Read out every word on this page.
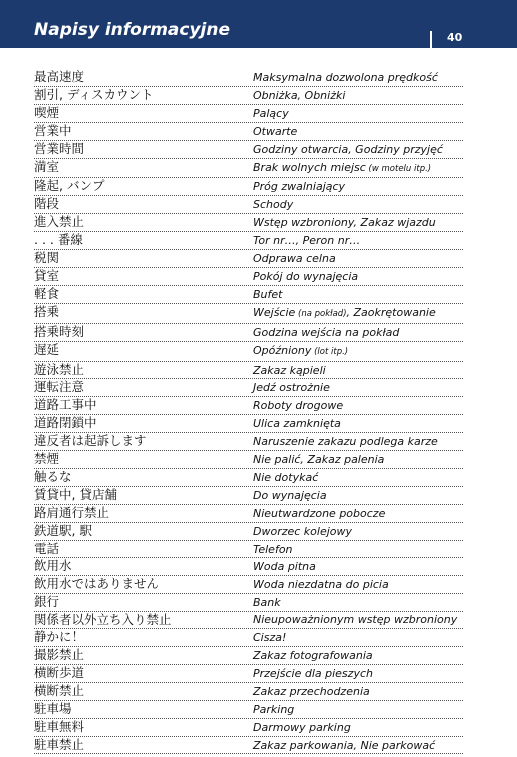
Napisy informacyjne	40
最高速度	Maksymalna dozwolona prędkość
割引, ディスカウント	Obniżka, Obniżki
喫煙	Palący
営業中	Otwarte
営業時間	Godziny otwarcia, Godziny przyjęć
満室	Brak wolnych miejsc (w motelu itp.)
隆起, バンプ	Próg zwalniający
階段	Schody
進入禁止	Wstęp wzbroniony, Zakaz wjazdu
. . . 番線	Tor nr…, Peron nr…
税関	Odprawa celna
貸室	Pokój do wynajęcia
軽食	Bufet
搭乗	Wejście (na pokład), Zaokrętowanie
搭乗時刻	Godzina wejścia na pokład
遅延	Opóźniony (lot itp.)
遊泳禁止	Zakaz kąpieli
運転注意	Jedź ostrożnie
道路工事中	Roboty drogowe
道路閉鎖中	Ulica zamknięta
違反者は起訴します	Naruszenie zakazu podlega karze
禁煙	Nie palić, Zakaz palenia
触るな	Nie dotykać
賃貸中, 貸店舗	Do wynajęcia
路肩通行禁止	Nieutwardzone pobocze
鉄道駅, 駅	Dworzec kolejowy
電話	Telefon
飲用水	Woda pitna
飲用水ではありません	Woda niezdatna do picia
銀行	Bank
関係者以外立ち入り禁止	Nieupoważnionym wstęp wzbroniony
静かに！	Cisza!
撮影禁止	Zakaz fotografowania
横断歩道	Przejście dla pieszych
横断禁止	Zakaz przechodzenia
駐車場	Parking
駐車無料	Darmowy parking
駐車禁止	Zakaz parkowania, Nie parkować
